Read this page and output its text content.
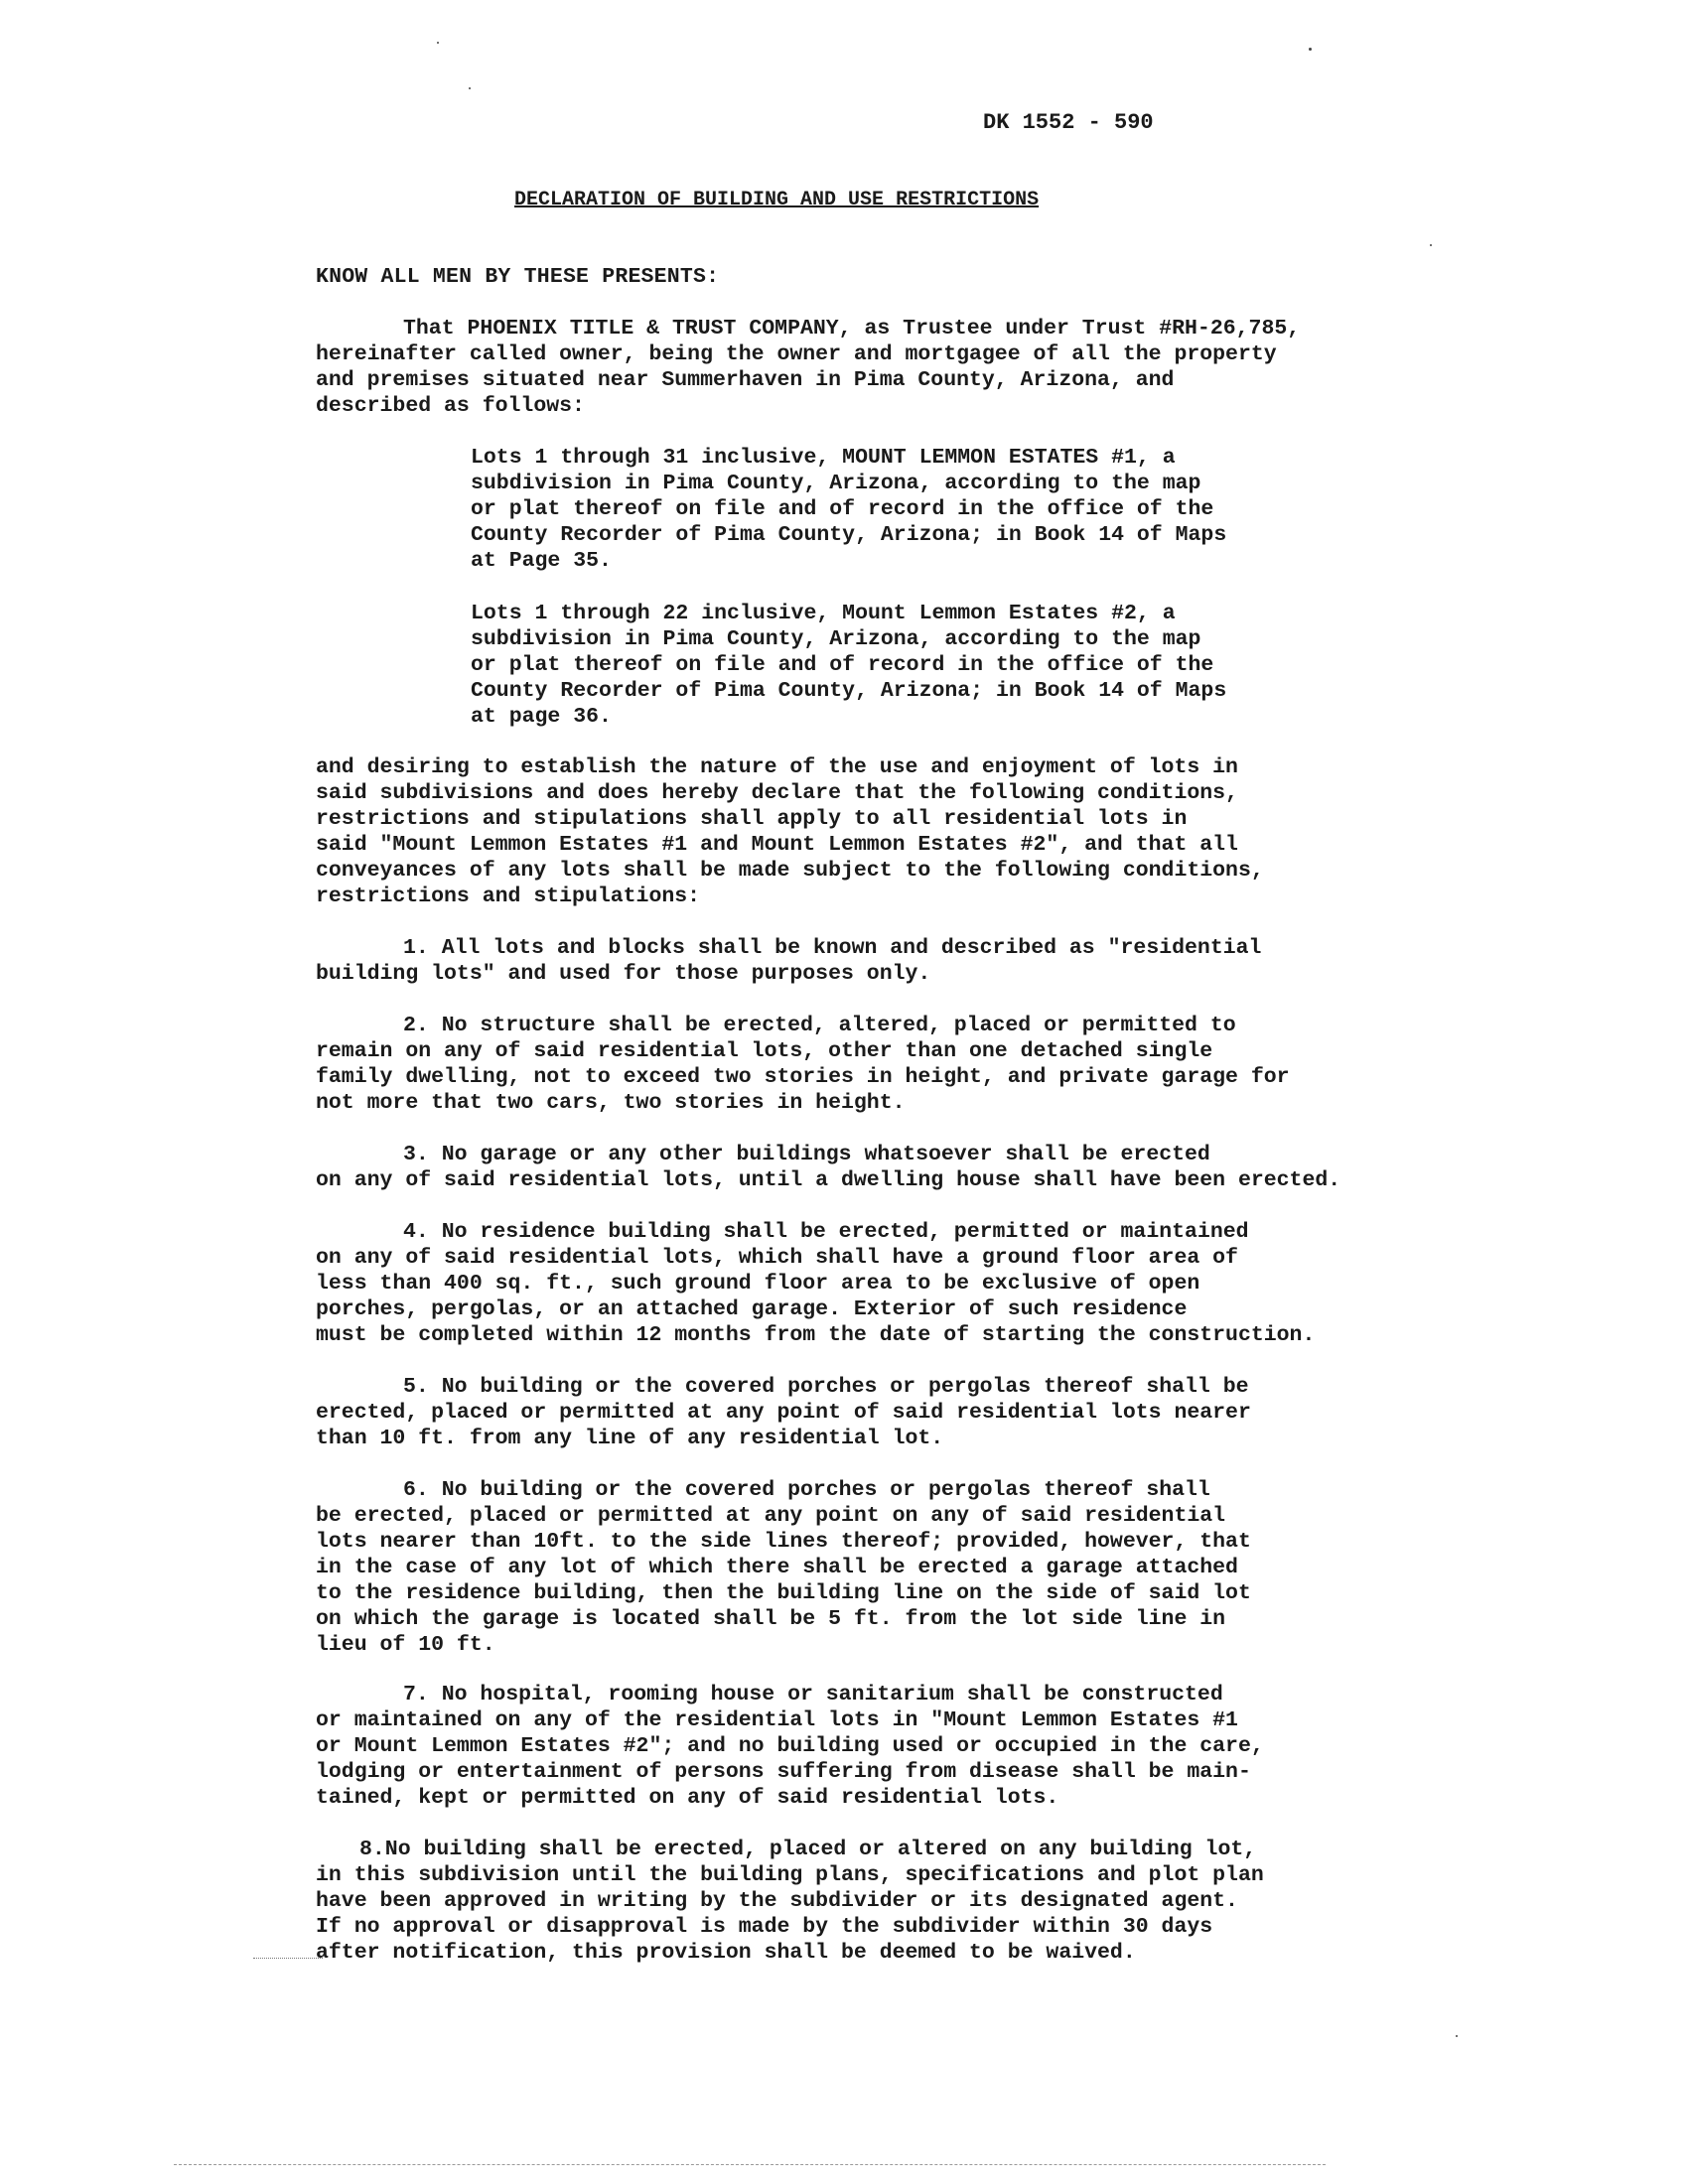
DK 1552 - 590
DECLARATION OF BUILDING AND USE RESTRICTIONS
KNOW ALL MEN BY THESE PRESENTS:
That PHOENIX TITLE & TRUST COMPANY, as Trustee under Trust #RH-26,785,
hereinafter called owner, being the owner and mortgagee of all the property
and premises situated near Summerhaven in Pima County, Arizona, and
described as follows:
Lots 1 through 31 inclusive, MOUNT LEMMON ESTATES #1, a
subdivision in Pima County, Arizona, according to the map
or plat thereof on file and of record in the office of the
County Recorder of Pima County, Arizona; in Book 14 of Maps
at Page 35.
Lots 1 through 22 inclusive, Mount Lemmon Estates #2, a
subdivision in Pima County, Arizona, according to the map
or plat thereof on file and of record in the office of the
County Recorder of Pima County, Arizona; in Book 14 of Maps
at page 36.
and desiring to establish the nature of the use and enjoyment of lots in
said subdivisions and does hereby declare that the following conditions,
restrictions and stipulations shall apply to all residential lots in
said "Mount Lemmon Estates #1 and Mount Lemmon Estates #2", and that all
conveyances of any lots shall be made subject to the following conditions,
restrictions and stipulations:
1. All lots and blocks shall be known and described as "residential
building lots" and used for those purposes only.
2. No structure shall be erected, altered, placed or permitted to
remain on any of said residential lots, other than one detached single
family dwelling, not to exceed two stories in height, and private garage for
not more that two cars, two stories in height.
3. No garage or any other buildings whatsoever shall be erected
on any of said residential lots, until a dwelling house shall have been erected.
4. No residence building shall be erected, permitted or maintained
on any of said residential lots, which shall have a ground floor area of
less than 400 sq. ft., such ground floor area to be exclusive of open
porches, pergolas, or an attached garage. Exterior of such residence
must be completed within 12 months from the date of starting the construction.
5. No building or the covered porches or pergolas thereof shall be
erected, placed or permitted at any point of said residential lots nearer
than 10 ft. from any line of any residential lot.
6. No building or the covered porches or pergolas thereof shall
be erected, placed or permitted at any point on any of said residential
lots nearer than 10ft. to the side lines thereof; provided, however, that
in the case of any lot of which there shall be erected a garage attached
to the residence building, then the building line on the side of said lot
on which the garage is located shall be 5 ft. from the lot side line in
lieu of 10 ft.
7. No hospital, rooming house or sanitarium shall be constructed
or maintained on any of the residential lots in "Mount Lemmon Estates #1
or Mount Lemmon Estates #2"; and no building used or occupied in the care,
lodging or entertainment of persons suffering from disease shall be main-
tained, kept or permitted on any of said residential lots.
8.No building shall be erected, placed or altered on any building lot,
in this subdivision until the building plans, specifications and plot plan
have been approved in writing by the subdivider or its designated agent.
If no approval or disapproval is made by the subdivider within 30 days
after notification, this provision shall be deemed to be waived.
